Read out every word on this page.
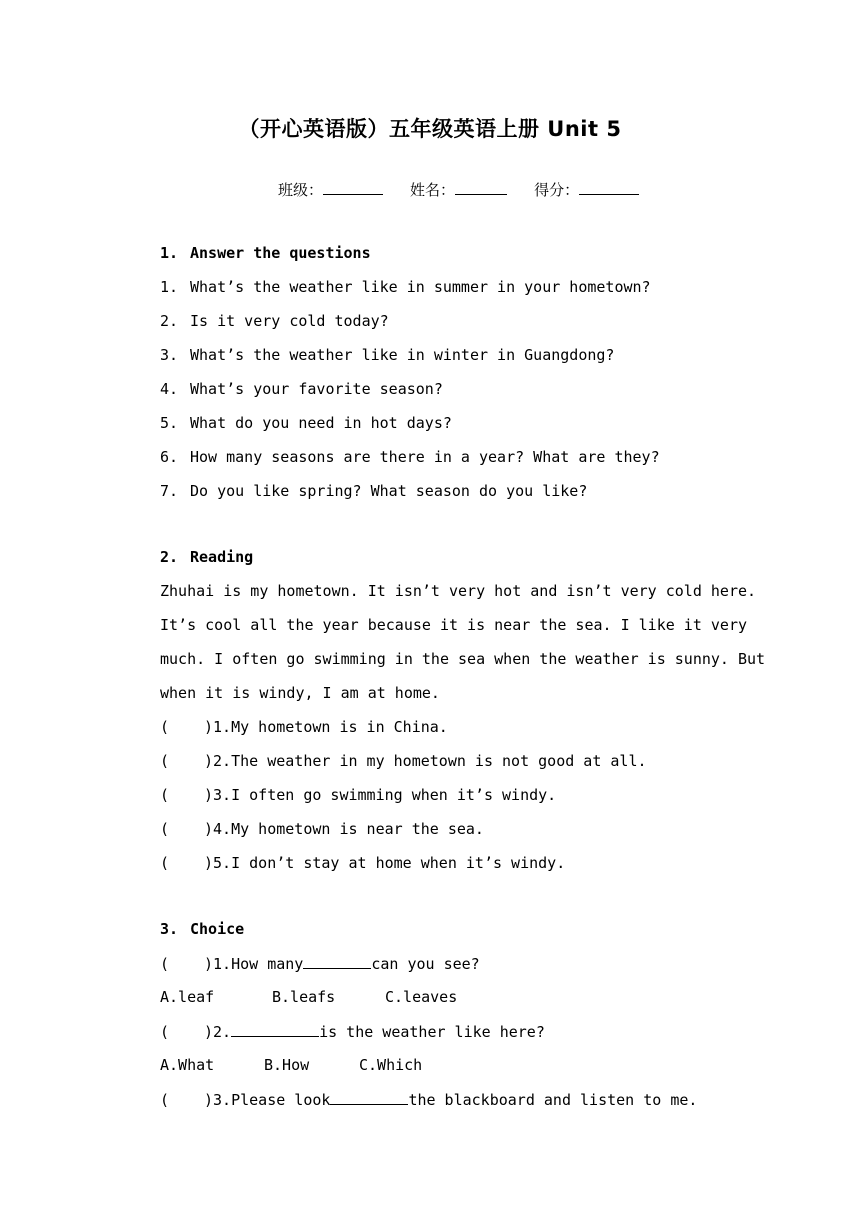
（开心英语版）五年级英语上册 Unit 5
班级：	姓名：	得分：
1. Answer the questions
1. What’s the weather like in summer in your hometown?
2. Is it very cold today?
3. What’s the weather like in winter in Guangdong?
4. What’s your favorite season?
5. What do you need in hot days?
6. How many seasons are there in a year? What are they?
7. Do you like spring? What season do you like?
2. Reading
Zhuhai is my hometown. It isn’t very hot and isn’t very cold here.
It’s cool all the year because it is near the sea. I like it very
much. I often go swimming in the sea when the weather is sunny. But
when it is windy, I am at home.
( )1.My hometown is in China.
( )2.The weather in my hometown is not good at all.
( )3.I often go swimming when it’s windy.
( )4.My hometown is near the sea.
( )5.I don’t stay at home when it’s windy.
3. Choice
( )1.How many	can you see?
A.leaf	B.leafs	C.leaves
( )2.	is the weather like here?
A.What	B.How	C.Which
( )3.Please look	the blackboard and listen to me.
